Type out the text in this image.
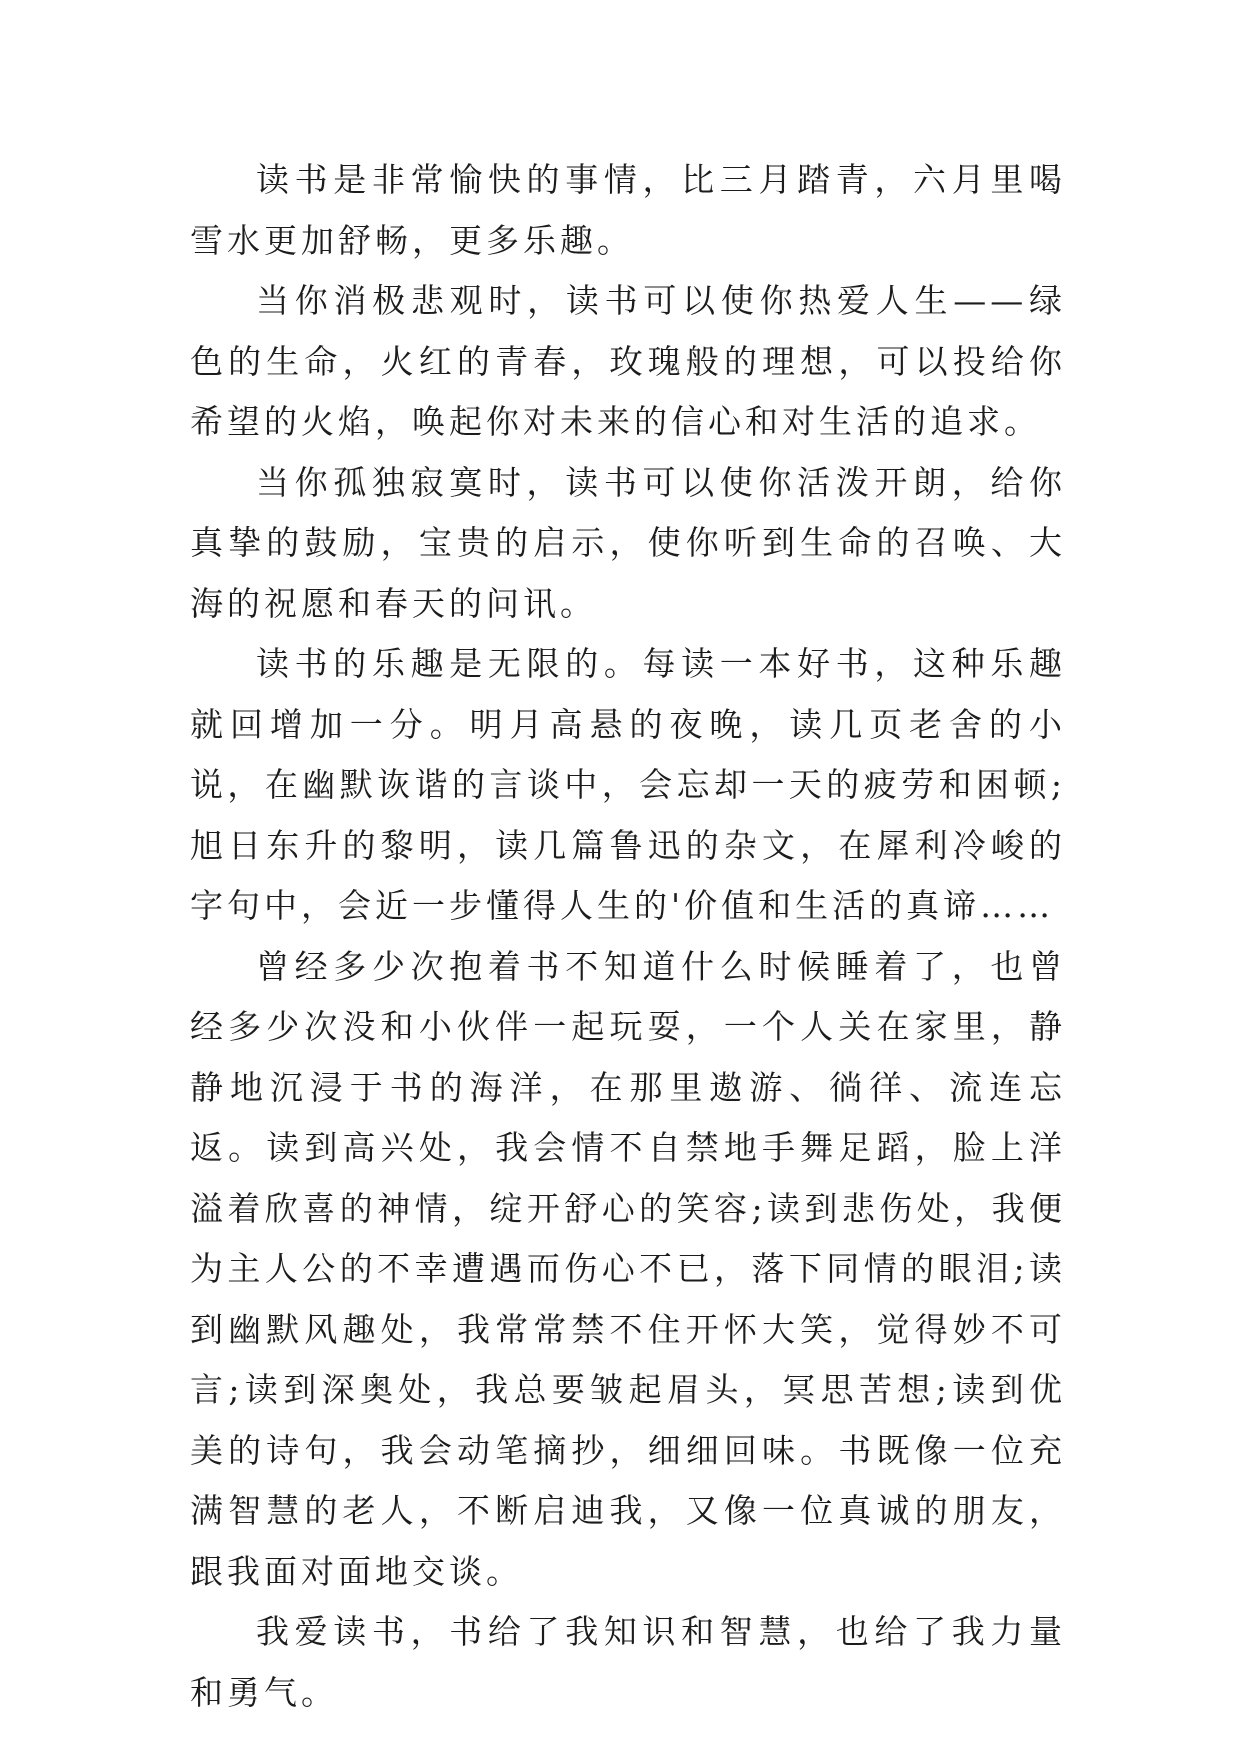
读书是非常愉快的事情，比三月踏青，六月里喝雪水更加舒畅，更多乐趣。

当你消极悲观时，读书可以使你热爱人生——绿色的生命，火红的青春，玫瑰般的理想，可以投给你希望的火焰，唤起你对未来的信心和对生活的追求。

当你孤独寂寞时，读书可以使你活泼开朗，给你真挚的鼓励，宝贵的启示，使你听到生命的召唤、大海的祝愿和春天的问讯。

读书的乐趣是无限的。每读一本好书，这种乐趣就回增加一分。明月高悬的夜晚，读几页老舍的小说，在幽默诙谐的言谈中，会忘却一天的疲劳和困顿;旭日东升的黎明，读几篇鲁迅的杂文，在犀利冷峻的字句中，会近一步懂得人生的'价值和生活的真谛……

曾经多少次抱着书不知道什么时候睡着了，也曾经多少次没和小伙伴一起玩耍，一个人关在家里，静静地沉浸于书的海洋，在那里遨游、徜徉、流连忘返。读到高兴处，我会情不自禁地手舞足蹈，脸上洋溢着欣喜的神情，绽开舒心的笑容;读到悲伤处，我便为主人公的不幸遭遇而伤心不已，落下同情的眼泪;读到幽默风趣处，我常常禁不住开怀大笑，觉得妙不可言;读到深奥处，我总要皱起眉头，冥思苦想;读到优美的诗句，我会动笔摘抄，细细回味。书既像一位充满智慧的老人，不断启迪我，又像一位真诚的朋友，跟我面对面地交谈。

我爱读书，书给了我知识和智慧，也给了我力量和勇气。
